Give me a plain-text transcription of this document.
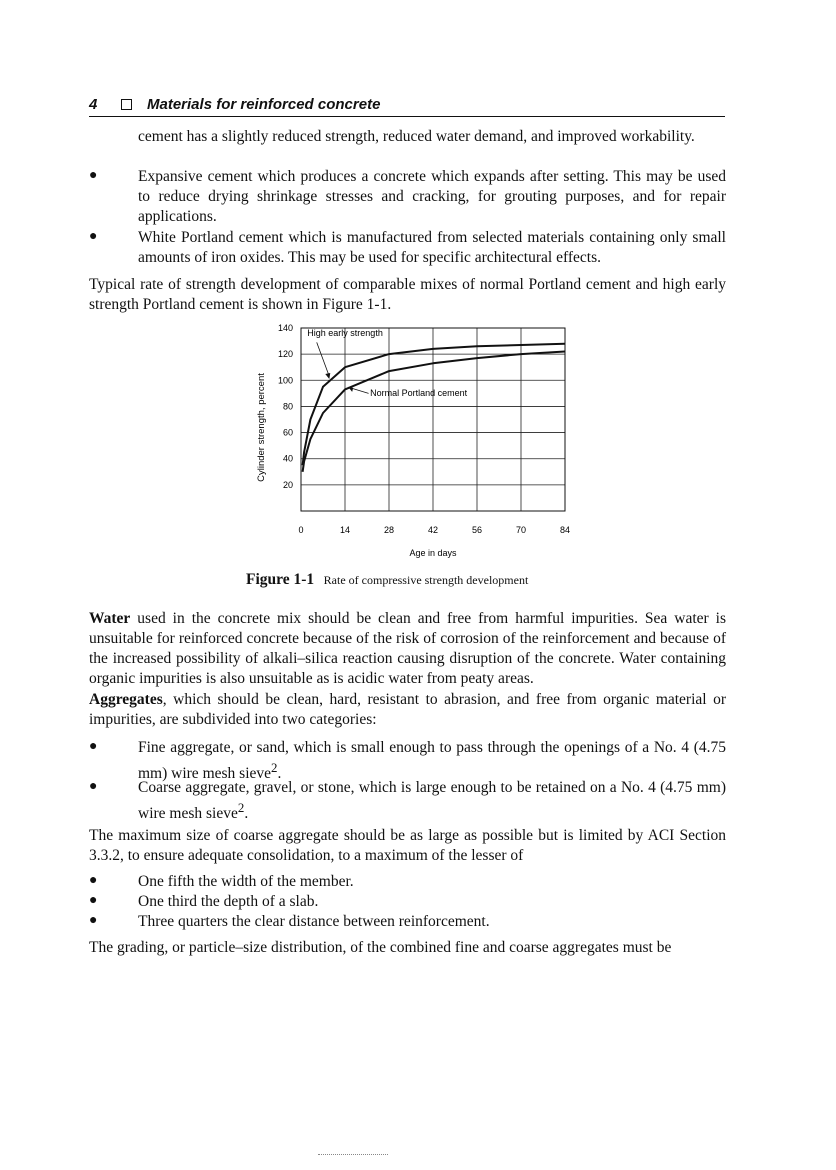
4	Materials for reinforced concrete
cement has a slightly reduced strength, reduced water demand, and improved workability.
●	Expansive cement which produces a concrete which expands after setting. This may be used to reduce drying shrinkage stresses and cracking, for grouting purposes, and for repair applications.
●	White Portland cement which is manufactured from selected materials containing only small amounts of iron oxides. This may be used for specific architectural effects.
Typical rate of strength development of comparable mixes of normal Portland cement and high early strength Portland cement is shown in Figure 1-1.
20
40
60
80
100
120
140
0	14	28	42	56	70	84
Age in days
Cylinder strength, percent
High early strength
Normal Portland cement
Figure 1-1 Rate of compressive strength development
Water used in the concrete mix should be clean and free from harmful impurities. Sea water is unsuitable for reinforced concrete because of the risk of corrosion of the reinforcement and because of the increased possibility of alkali–silica reaction causing disruption of the concrete. Water containing organic impurities is also unsuitable as is acidic water from peaty areas.
Aggregates, which should be clean, hard, resistant to abrasion, and free from organic material or impurities, are subdivided into two categories:
●	Fine aggregate, or sand, which is small enough to pass through the openings of a No. 4 (4.75 mm) wire mesh sieve$^2$.
●	Coarse aggregate, gravel, or stone, which is large enough to be retained on a No. 4 (4.75 mm) wire mesh sieve$^2$.
The maximum size of coarse aggregate should be as large as possible but is limited by ACI Section 3.3.2, to ensure adequate consolidation, to a maximum of the lesser of
●	One fifth the width of the member.
●	One third the depth of a slab.
●	Three quarters the clear distance between reinforcement.
The grading, or particle–size distribution, of the combined fine and coarse aggregates must be
